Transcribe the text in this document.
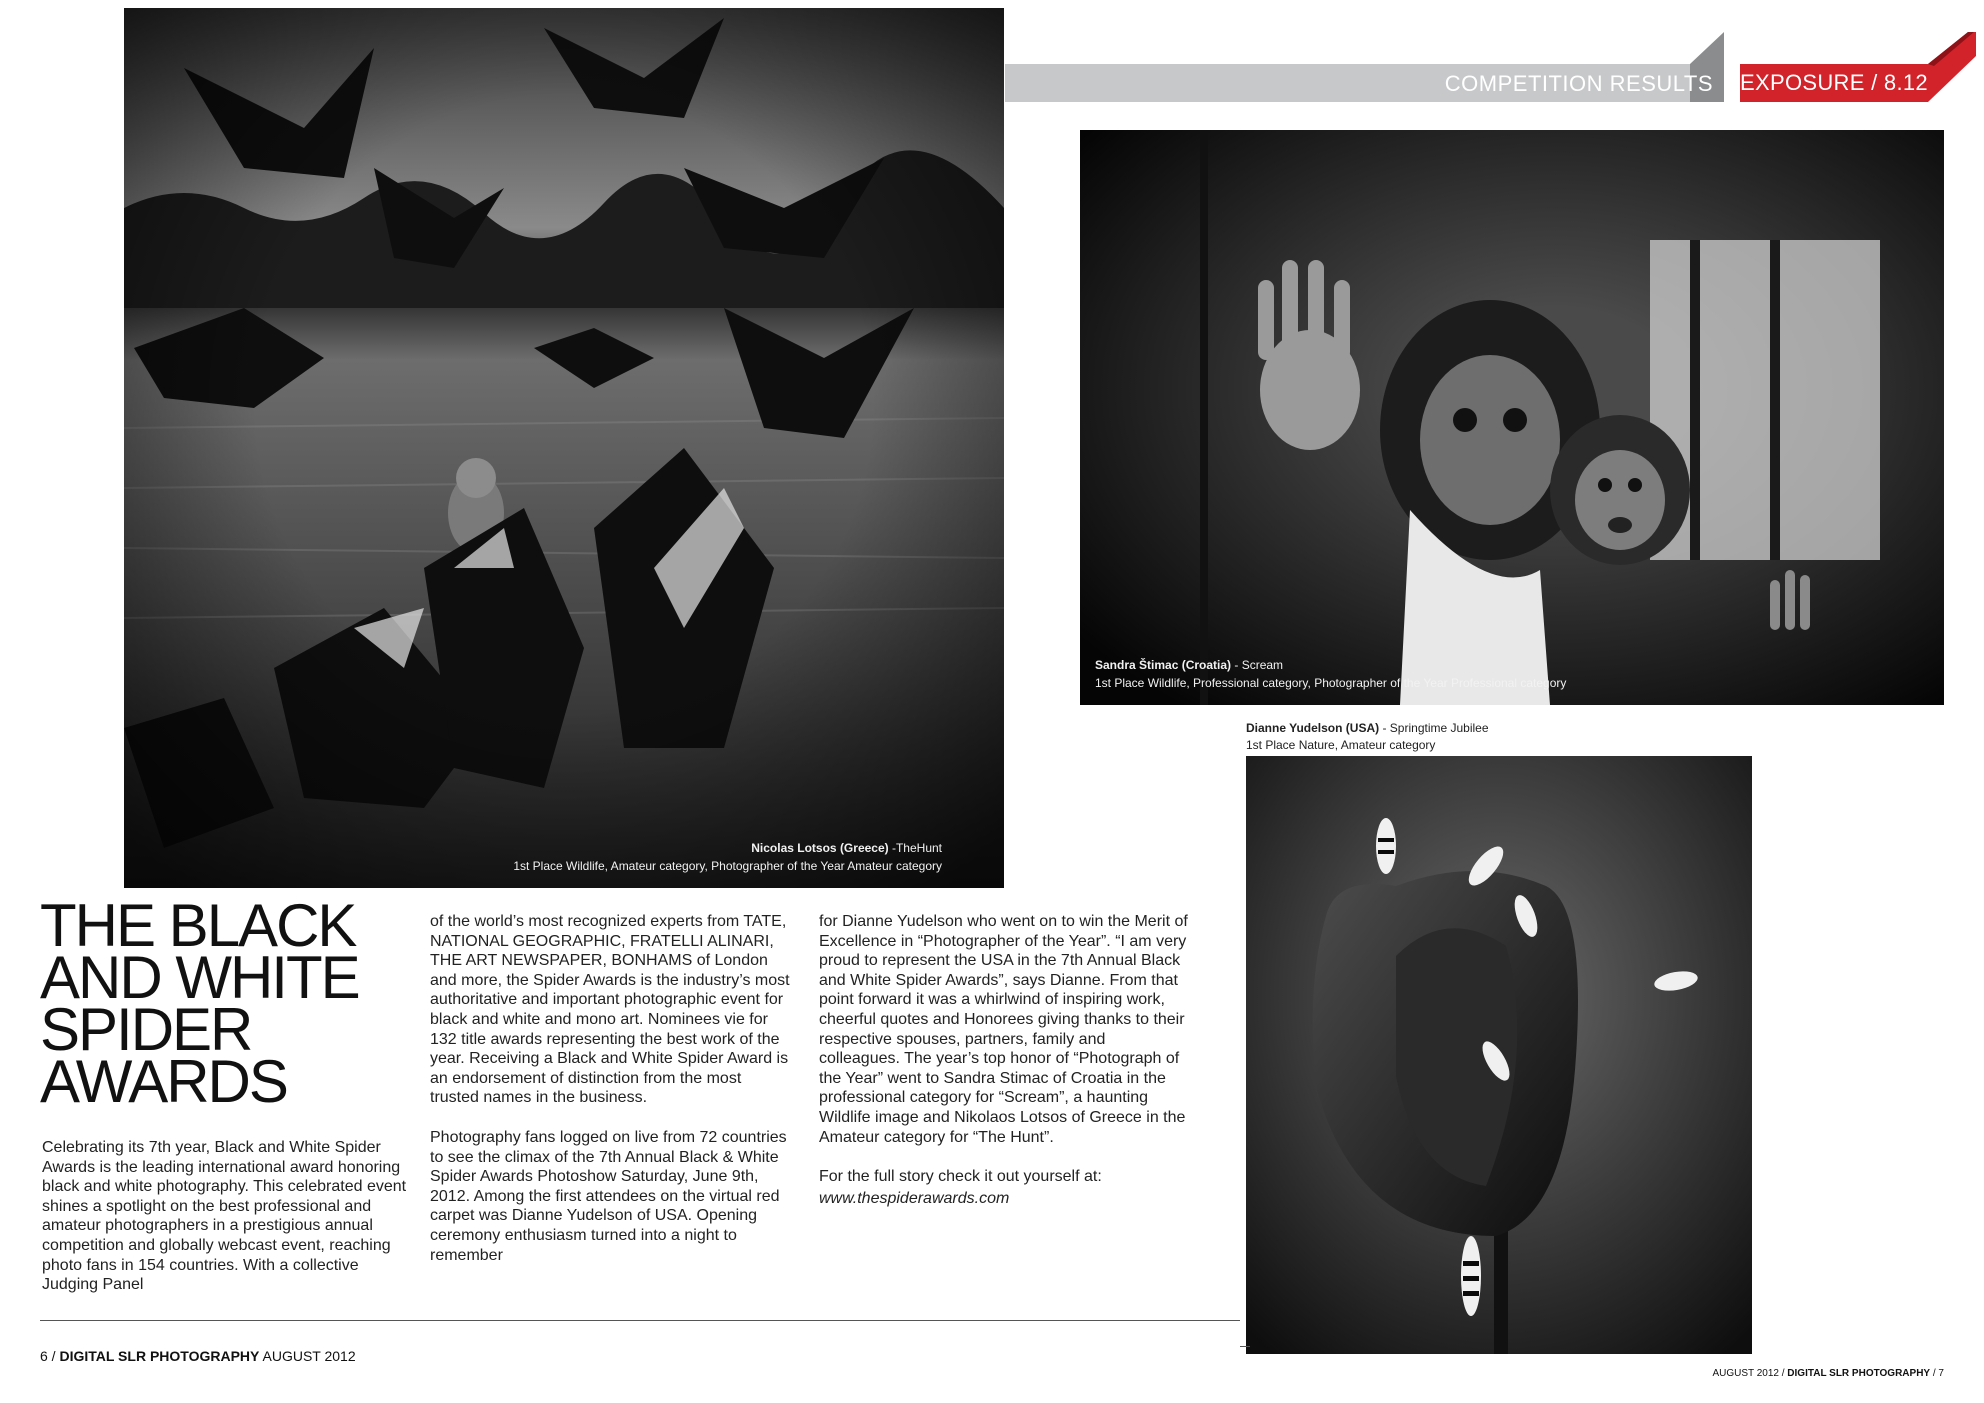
Nicolas Lotsos (Greece) -TheHunt
1st Place Wildlife, Amateur category, Photographer of the Year Amateur category
COMPETITION RESULTS EXPOSURE / 8.12
Sandra Štimac (Croatia) - Scream
1st Place Wildlife, Professional category, Photographer of the Year Professional category
Dianne Yudelson (USA) - Springtime Jubilee
1st Place Nature, Amateur category
THE BLACK AND WHITE SPIDER AWARDS

Celebrating its 7th year, Black and White Spider Awards is the leading international award honoring black and white photography. This celebrated event shines a spotlight on the best professional and amateur photographers in a prestigious annual competition and globally webcast event, reaching photo fans in 154 countries. With a collective Judging Panel

of the world’s most recognized experts from TATE, NATIONAL GEOGRAPHIC, FRATELLI ALINARI, THE ART NEWSPAPER, BONHAMS of London and more, the Spider Awards is the industry’s most authoritative and important photographic event for black and white and mono art. Nominees vie for 132 title awards representing the best work of the year. Receiving a Black and White Spider Award is an endorsement of distinction from the most trusted names in the business.

Photography fans logged on live from 72 countries to see the climax of the 7th Annual Black & White Spider Awards Photoshow Saturday, June 9th, 2012. Among the first attendees on the virtual red carpet was Dianne Yudelson of USA. Opening ceremony enthusiasm turned into a night to remember

for Dianne Yudelson who went on to win the Merit of Excellence in “Photographer of the Year”. “I am very proud to represent the USA in the 7th Annual Black and White Spider Awards”, says Dianne. From that point forward it was a whirlwind of inspiring work, cheerful quotes and Honorees giving thanks to their respective spouses, partners, family and colleagues. The year’s top honor of “Photograph of the Year” went to Sandra Stimac of Croatia in the professional category for “Scream”, a haunting Wildlife image and Nikolaos Lotsos of Greece in the Amateur category for “The Hunt”.

For the full story check it out yourself at:

www.thespiderawards.com

6 / DIGITAL SLR PHOTOGRAPHY AUGUST 2012
AUGUST 2012 / DIGITAL SLR PHOTOGRAPHY / 7
